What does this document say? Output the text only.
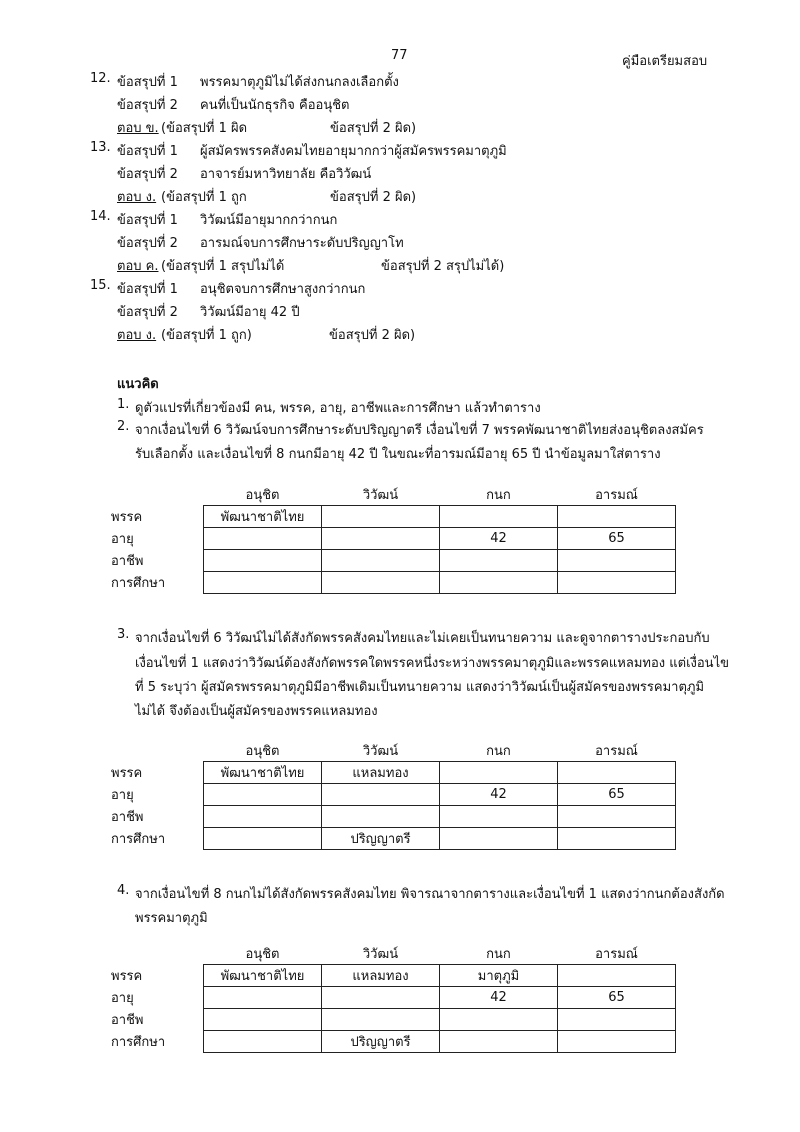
77	คู่มือเตรียมสอบ
12. ข้อสรุปที่ 1 พรรคมาตุภูมิไม่ได้ส่งกนกลงเลือกตั้ง
ข้อสรุปที่ 2 คนที่เป็นนักธุรกิจ คืออนุชิต
ตอบ ข. (ข้อสรุปที่ 1 ผิด	ข้อสรุปที่ 2 ผิด)
13. ข้อสรุปที่ 1 ผู้สมัครพรรคสังคมไทยอายุมากกว่าผู้สมัครพรรคมาตุภูมิ
ข้อสรุปที่ 2 อาจารย์มหาวิทยาลัย คือวิวัฒน์
ตอบ ง. (ข้อสรุปที่ 1 ถูก	ข้อสรุปที่ 2 ผิด)
14. ข้อสรุปที่ 1 วิวัฒน์มีอายุมากกว่ากนก
ข้อสรุปที่ 2 อารมณ์จบการศึกษาระดับปริญญาโท
ตอบ ค. (ข้อสรุปที่ 1 สรุปไม่ได้	ข้อสรุปที่ 2 สรุปไม่ได้)
15. ข้อสรุปที่ 1 อนุชิตจบการศึกษาสูงกว่ากนก
ข้อสรุปที่ 2 วิวัฒน์มีอายุ 42 ปี
ตอบ ง. (ข้อสรุปที่ 1 ถูก)	ข้อสรุปที่ 2 ผิด)
แนวคิด
1. ดูตัวแปรที่เกี่ยวข้องมี คน, พรรค, อายุ, อาชีพและการศึกษา แล้วทำตาราง
2. จากเงื่อนไขที่ 6 วิวัฒน์จบการศึกษาระดับปริญญาตรี เงื่อนไขที่ 7 พรรคพัฒนาชาติไทยส่งอนุชิตลงสมัคร
รับเลือกตั้ง และเงื่อนไขที่ 8 กนกมีอายุ 42 ปี ในขณะที่อารมณ์มีอายุ 65 ปี นำข้อมูลมาใส่ตาราง
	อนุชิต	วิวัฒน์	กนก	อารมณ์
พรรค	พัฒนาชาติไทย			
อายุ			42	65
อาชีพ				
การศึกษา				
3. จากเงื่อนไขที่ 6 วิวัฒน์ไม่ได้สังกัดพรรคสังคมไทยและไม่เคยเป็นทนายความ และดูจากตารางประกอบกับ
เงื่อนไขที่ 1 แสดงว่าวิวัฒน์ต้องสังกัดพรรคใดพรรคหนึ่งระหว่างพรรคมาตุภูมิและพรรคแหลมทอง แต่เงื่อนไข
ที่ 5 ระบุว่า ผู้สมัครพรรคมาตุภูมิมีอาชีพเดิมเป็นทนายความ แสดงว่าวิวัฒน์เป็นผู้สมัครของพรรคมาตุภูมิ
ไม่ได้ จึงต้องเป็นผู้สมัครของพรรคแหลมทอง
	อนุชิต	วิวัฒน์	กนก	อารมณ์
พรรค	พัฒนาชาติไทย	แหลมทอง		
อายุ			42	65
อาชีพ				
การศึกษา		ปริญญาตรี		
4. จากเงื่อนไขที่ 8 กนกไม่ได้สังกัดพรรคสังคมไทย พิจารณาจากตารางและเงื่อนไขที่ 1 แสดงว่ากนกต้องสังกัด
พรรคมาตุภูมิ
	อนุชิต	วิวัฒน์	กนก	อารมณ์
พรรค	พัฒนาชาติไทย	แหลมทอง	มาตุภูมิ	
อายุ			42	65
อาชีพ				
การศึกษา		ปริญญาตรี		
